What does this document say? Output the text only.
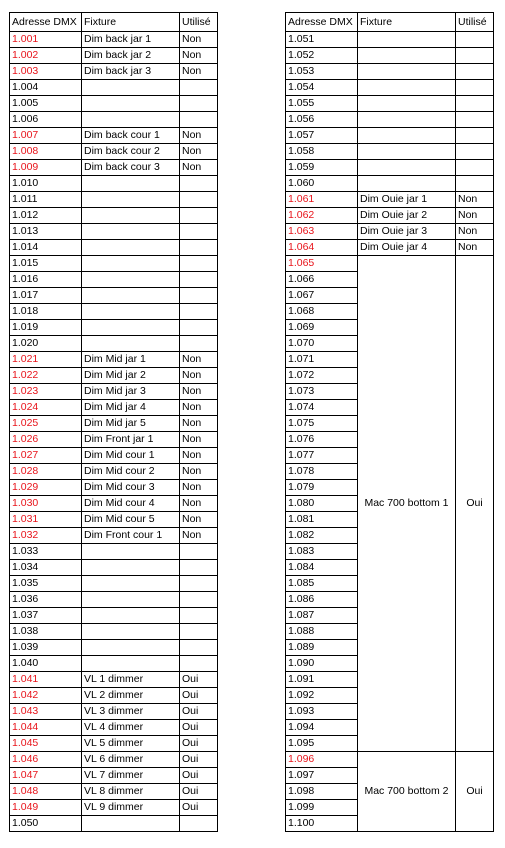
Adresse DMX	Fixture	Utilisé
1.001	Dim back jar 1	Non
1.002	Dim back jar 2	Non
1.003	Dim back jar 3	Non
1.004		
1.005		
1.006		
1.007	Dim back cour 1	Non
1.008	Dim back cour 2	Non
1.009	Dim back cour 3	Non
1.010		
1.011		
1.012		
1.013		
1.014		
1.015		
1.016		
1.017		
1.018		
1.019		
1.020		
1.021	Dim Mid jar 1	Non
1.022	Dim Mid jar 2	Non
1.023	Dim Mid jar 3	Non
1.024	Dim Mid jar 4	Non
1.025	Dim Mid jar 5	Non
1.026	Dim Front jar 1	Non
1.027	Dim Mid cour 1	Non
1.028	Dim Mid cour 2	Non
1.029	Dim Mid cour 3	Non
1.030	Dim Mid cour 4	Non
1.031	Dim Mid cour 5	Non
1.032	Dim Front cour 1	Non
1.033		
1.034		
1.035		
1.036		
1.037		
1.038		
1.039		
1.040		
1.041	VL 1 dimmer	Oui
1.042	VL 2 dimmer	Oui
1.043	VL 3 dimmer	Oui
1.044	VL 4 dimmer	Oui
1.045	VL 5 dimmer	Oui
1.046	VL 6 dimmer	Oui
1.047	VL 7 dimmer	Oui
1.048	VL 8 dimmer	Oui
1.049	VL 9 dimmer	Oui
1.050		
Adresse DMX	Fixture	Utilisé
1.051		
1.052		
1.053		
1.054		
1.055		
1.056		
1.057		
1.058		
1.059		
1.060		
1.061	Dim Ouie jar 1	Non
1.062	Dim Ouie jar 2	Non
1.063	Dim Ouie jar 3	Non
1.064	Dim Ouie jar 4	Non
1.065	Mac 700 bottom 1	Oui
1.066		
1.067		
1.068		
1.069		
1.070		
1.071		
1.072		
1.073		
1.074		
1.075		
1.076		
1.077		
1.078		
1.079		
1.080		
1.081		
1.082		
1.083		
1.084		
1.085		
1.086		
1.087		
1.088		
1.089		
1.090		
1.091		
1.092		
1.093		
1.094		
1.095		
1.096	Mac 700 bottom 2	Oui
1.097		
1.098		
1.099		
1.100		
